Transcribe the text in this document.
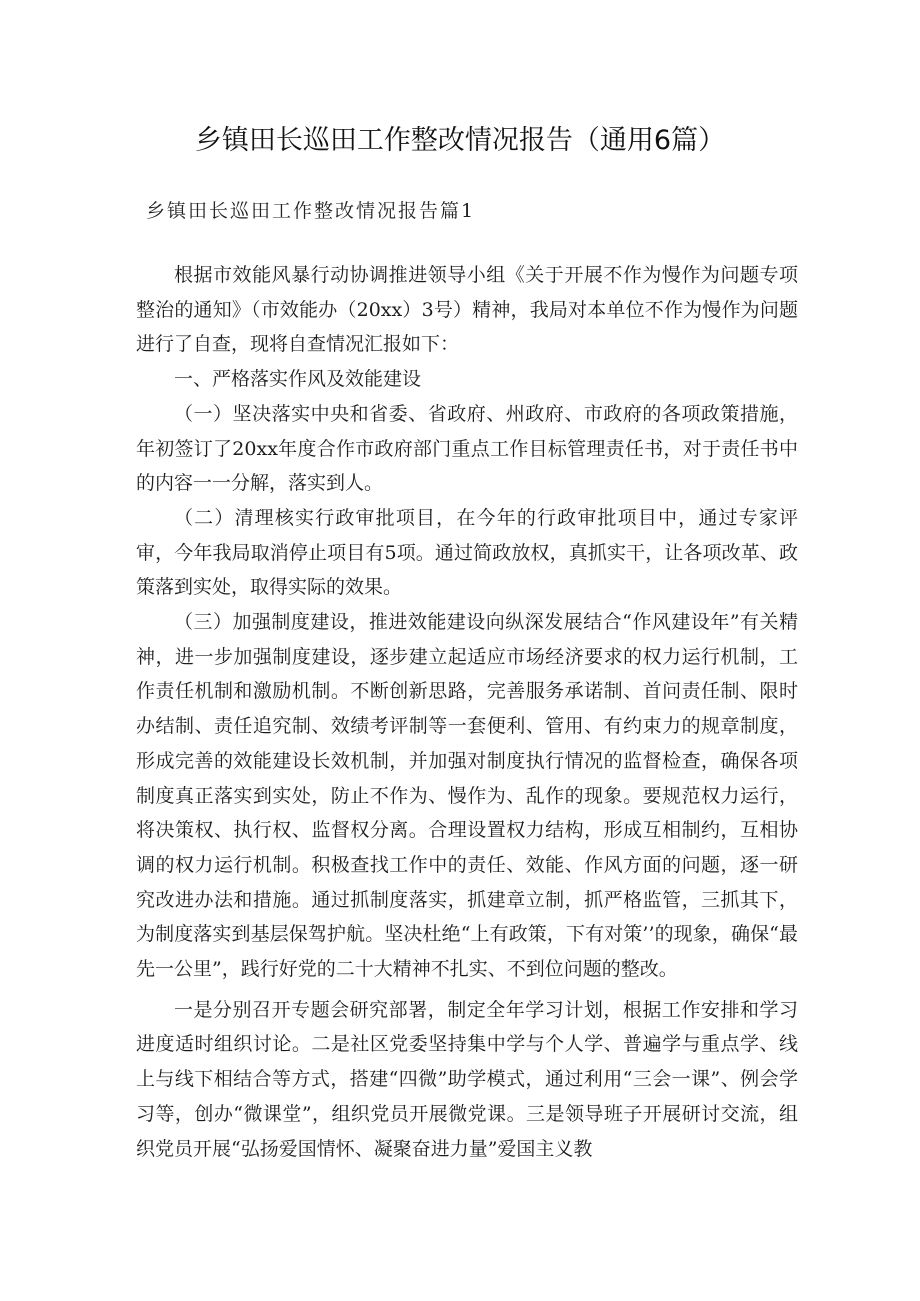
乡镇田长巡田工作整改情况报告（通用6篇）
乡镇田长巡田工作整改情况报告篇1

根据市效能风暴行动协调推进领导小组《关于开展不作为慢作为问题专项整治的通知》（市效能办（20xx）3号）精神，我局对本单位不作为慢作为问题进行了自查，现将自查情况汇报如下：

一、严格落实作风及效能建设

（一）坚决落实中央和省委、省政府、州政府、市政府的各项政策措施，年初签订了20xx年度合作市政府部门重点工作目标管理责任书，对于责任书中的内容一一分解，落实到人。

（二）清理核实行政审批项目，在今年的行政审批项目中，通过专家评审，今年我局取消停止项目有5项。通过简政放权，真抓实干，让各项改革、政策落到实处，取得实际的效果。

（三）加强制度建设，推进效能建设向纵深发展结合“作风建设年”有关精神，进一步加强制度建设，逐步建立起适应市场经济要求的权力运行机制，工作责任机制和激励机制。不断创新思路，完善服务承诺制、首问责任制、限时办结制、责任追究制、效绩考评制等一套便利、管用、有约束力的规章制度，形成完善的效能建设长效机制，并加强对制度执行情况的监督检查，确保各项制度真正落实到实处，防止不作为、慢作为、乱作的现象。要规范权力运行，将决策权、执行权、监督权分离。合理设置权力结构，形成互相制约，互相协调的权力运行机制。积极查找工作中的责任、效能、作风方面的问题，逐一研究改进办法和措施。通过抓制度落实，抓建章立制，抓严格监管，三抓其下，为制度落实到基层保驾护航。坚决杜绝“上有政策，下有对策’’的现象，确保“最先一公里”，践行好党的二十大精神不扎实、不到位问题的整改。

一是分别召开专题会研究部署，制定全年学习计划，根据工作安排和学习进度适时组织讨论。二是社区党委坚持集中学与个人学、普遍学与重点学、线上与线下相结合等方式，搭建“四微”助学模式，通过利用“三会一课”、例会学习等，创办“微课堂”，组织党员开展微党课。三是领导班子开展研讨交流，组织党员开展“弘扬爱国情怀、凝聚奋进力量”爱国主义教
